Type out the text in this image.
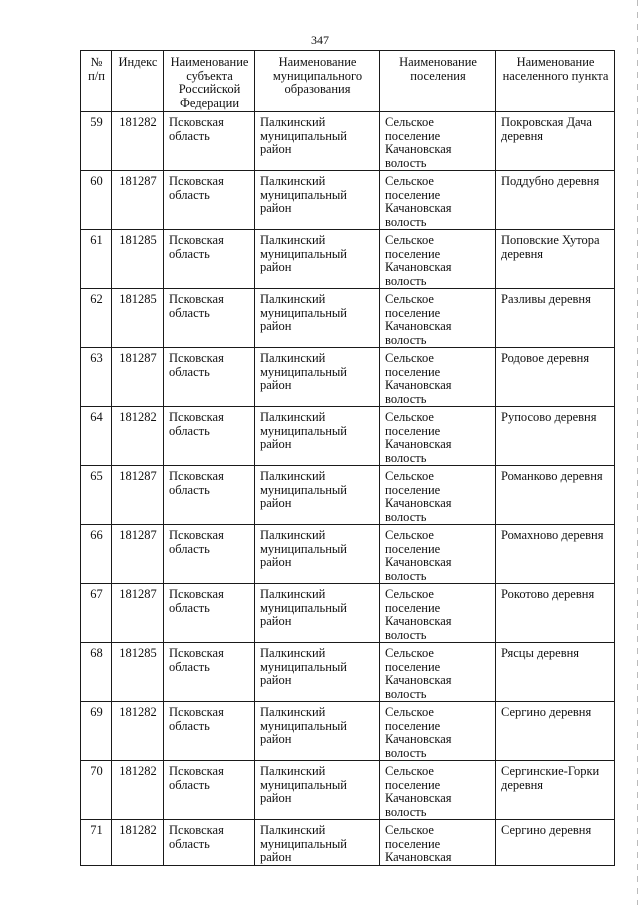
347
№ п/п	Индекс	Наименование субъекта Российской Федерации	Наименование муниципального образования	Наименование поселения	Наименование населенного пункта
59	181282	Псковская область	Палкинский муниципальный район	Сельское поселение Качановская волость	Покровская Дача деревня
60	181287	Псковская область	Палкинский муниципальный район	Сельское поселение Качановская волость	Поддубно деревня
61	181285	Псковская область	Палкинский муниципальный район	Сельское поселение Качановская волость	Поповские Хутора деревня
62	181285	Псковская область	Палкинский муниципальный район	Сельское поселение Качановская волость	Разливы деревня
63	181287	Псковская область	Палкинский муниципальный район	Сельское поселение Качановская волость	Родовое деревня
64	181282	Псковская область	Палкинский муниципальный район	Сельское поселение Качановская волость	Рупосово деревня
65	181287	Псковская область	Палкинский муниципальный район	Сельское поселение Качановская волость	Романково деревня
66	181287	Псковская область	Палкинский муниципальный район	Сельское поселение Качановская волость	Ромахново деревня
67	181287	Псковская область	Палкинский муниципальный район	Сельское поселение Качановская волость	Рокотово деревня
68	181285	Псковская область	Палкинский муниципальный район	Сельское поселение Качановская волость	Рясцы деревня
69	181282	Псковская область	Палкинский муниципальный район	Сельское поселение Качановская волость	Сергино деревня
70	181282	Псковская область	Палкинский муниципальный район	Сельское поселение Качановская волость	Сергинские-Горки деревня
71	181282	Псковская область	Палкинский муниципальный район	Сельское поселение Качановская	Сергино деревня
